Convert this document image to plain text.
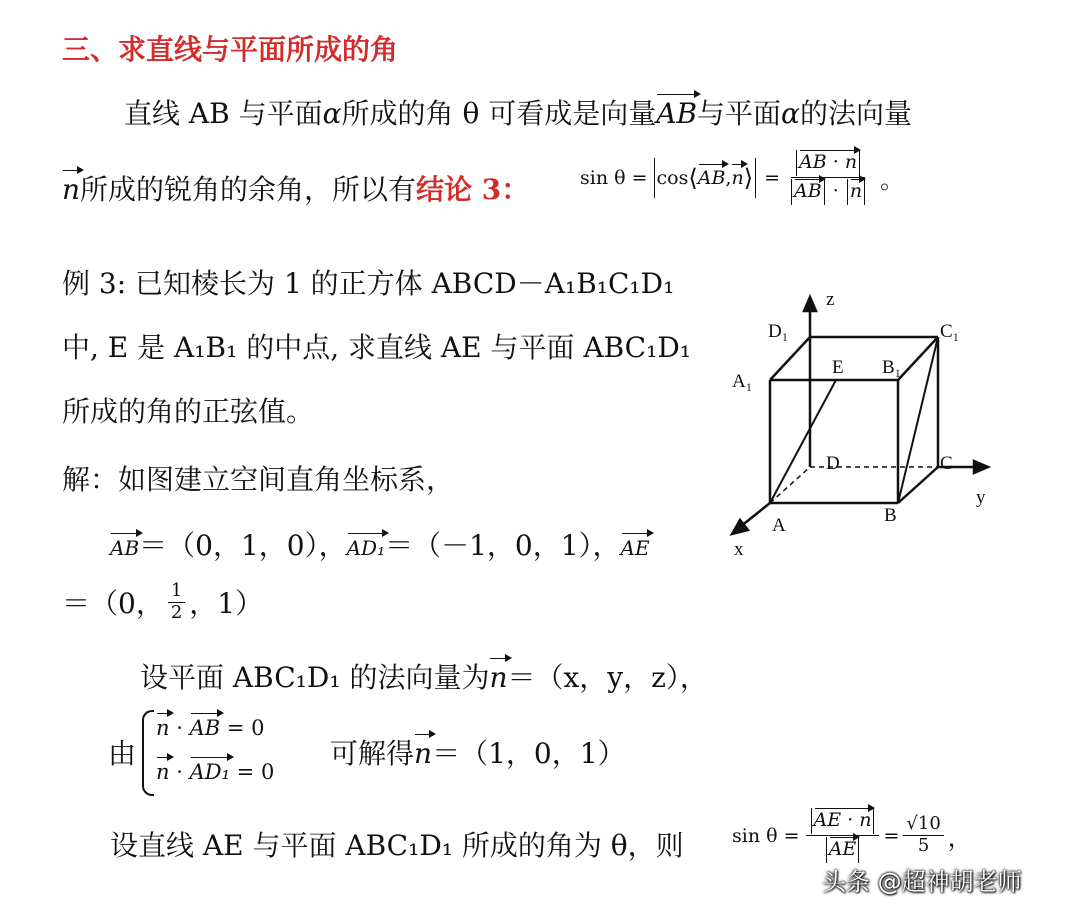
三、求直线与平面所成的角
直线 AB 与平面α所成的角 θ 可看成是向量AB与平面α的法向量
n所成的锐角的余角，所以有结论 3：	sin θ = cos ⟨ AB , n ⟩ = $\frac{AB \cdot n}{AB \cdot n}$ 。
例 3: 已知棱长为 1 的正方体 ABCD－A₁B₁C₁D₁
中, E 是 A₁B₁ 的中点, 求直线 AE 与平面 ABC₁D₁
所成的角的正弦值。
z
D₁	C₁
A₁
E B₁
D	C
y
A	B
x
解：如图建立空间直角坐标系，
AB＝（0，1，0），AD₁＝（－1，0，1），AE
＝（0， $\frac{1}{2}$ ，1）
设平面 ABC₁D₁ 的法向量为n＝（x，y，z），
由
n · AB = 0
n · AD₁ = 0
可解得n＝（1，0，1）
设直线 AE 与平面 ABC₁D₁ 所成的角为 θ，则	$\sin \theta = \frac{AE \cdot n}{AE} = \frac{√10}{5}$ ，
头条 @超神胡老师
